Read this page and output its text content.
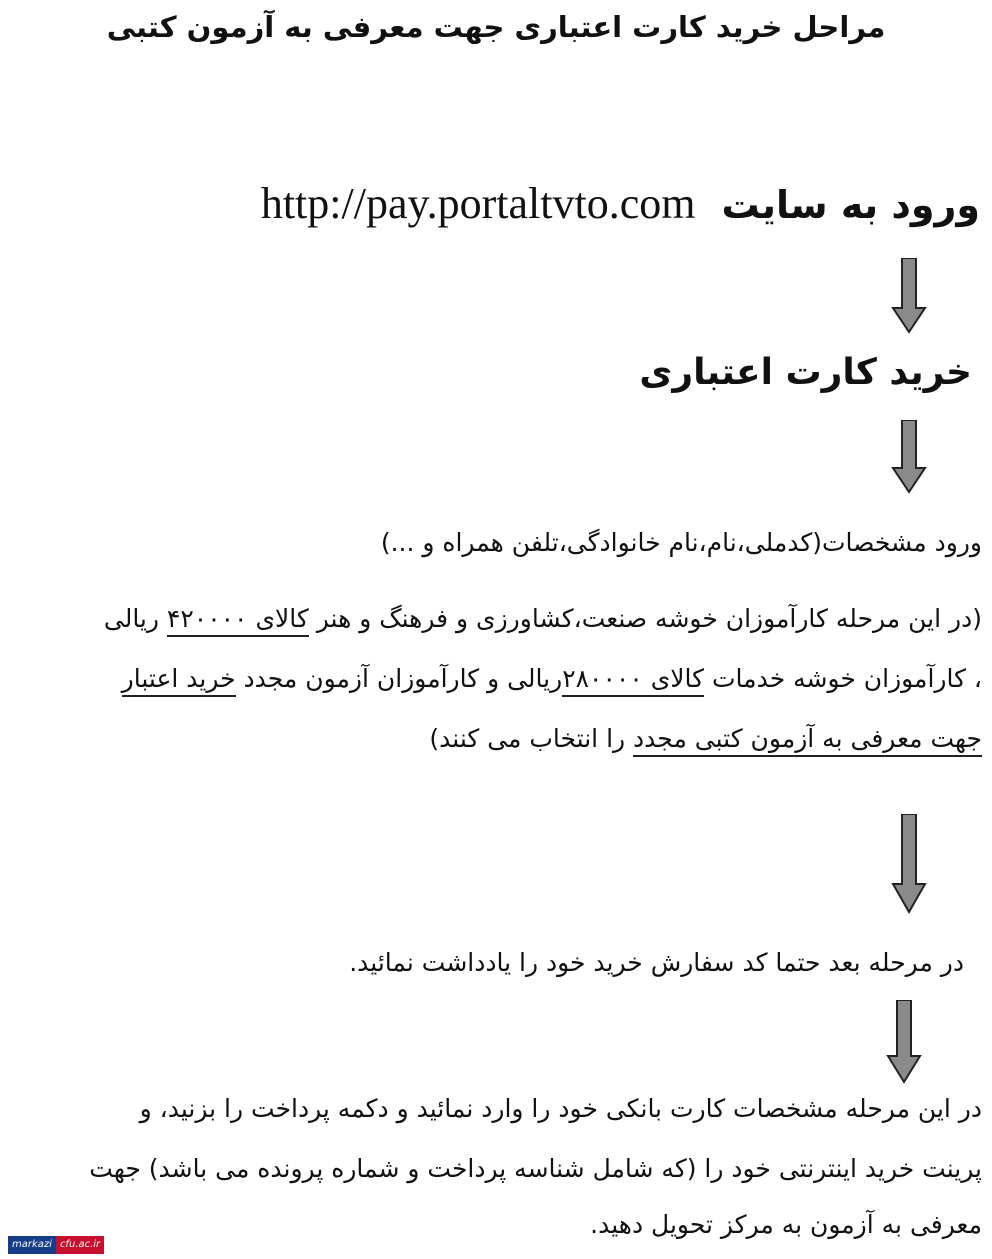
مراحل خرید کارت اعتباری جهت معرفی به آزمون کتبی
http://pay.portaltvto.com ورود به سایت
خرید کارت اعتباری
ورود مشخصات(کدملی،نام،نام خانوادگی،تلفن همراه و ...)
(در این مرحله کارآموزان خوشه صنعت،کشاورزی و فرهنگ و هنر کالای ۴۲۰۰۰۰ ریالی
، کارآموزان خوشه خدمات کالای ۲۸۰۰۰۰ریالی و کارآموزان آزمون مجدد خرید اعتبار
جهت معرفی به آزمون کتبی مجدد را انتخاب می کنند)
در مرحله بعد حتما کد سفارش خرید خود را یادداشت نمائید.
در این مرحله مشخصات کارت بانکی خود را وارد نمائید و دکمه پرداخت را بزنید، و
پرینت خرید اینترنتی خود را (که شامل شناسه پرداخت و شماره پرونده می باشد) جهت
معرفی به آزمون به مرکز تحویل دهید.
markazi cfu.ac.ir
